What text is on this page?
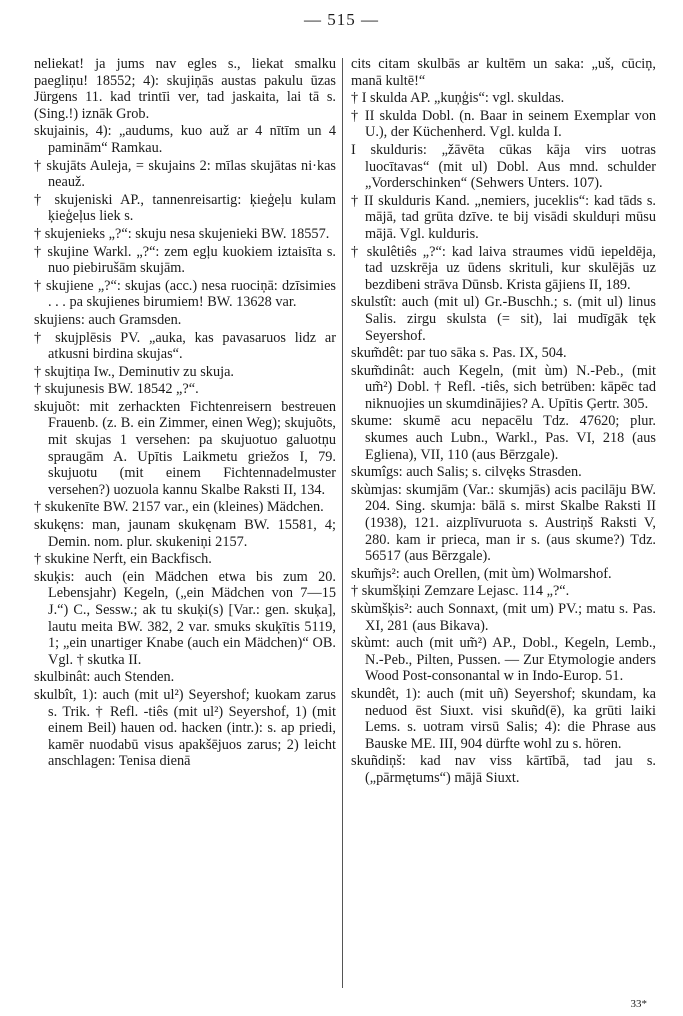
— 515 —

neliekat! ja jums nav egles s., liekat smalku paegliņu! 18552; 4): skujiņās austas pakulu ūzas Jürgens 11. kad trintīi ver, tad jaskaita, lai tā s. (Sing.!) iznāk Grob.

skujainis, 4): „audums, kuo auž ar 4 nītīm un 4 paminām“ Ramkau.

† skujāts Auleja, = skujains 2: mīlas skujātas ni·kas neauž.

† skujeniski AP., tannenreisartig: ķieģeļu kulam ķieģeļus liek s.

† skujenieks „?“: skuju nesa skujenieki BW. 18557.

† skujine Warkl. „?“: zem egļu kuokiem iztaisīta s. nuo piebirušām skujām.

† skujiene „?“: skujas (acc.) nesa ruociņā: dzīsimies . . . pa skujienes birumiem! BW. 13628 var.

skujiens: auch Gramsden.

† skujplēsis PV. „auka, kas pavasaruos lidz ar atkusni birdina skujas“.

† skujtiņa Iw., Deminutiv zu skuja.

† skujunesis BW. 18542 „?“.

skujuõt: mit zerhackten Fichtenreisern bestreuen Frauenb. (z. B. ein Zimmer, einen Weg); skujuõts, mit skujas 1 versehen: pa skujuotuo galuotņu spraugām A. Upītis Laikmetu griežos I, 79. skujuotu (mit einem Fichtennadelmuster versehen?) uozuola kannu Skalbe Raksti II, 134.

† skukenīte BW. 2157 var., ein (kleines) Mädchen.

skukęns: man, jaunam skukęnam BW. 15581, 4; Demin. nom. plur. skukeniņi 2157.

† skukine Nerft, ein Backfisch.

skuķis: auch (ein Mädchen etwa bis zum 20. Lebensjahr) Kegeln, („ein Mädchen von 7—15 J.“) C., Sessw.; ak tu skuķi(s) [Var.: gen. skuķa], lautu meita BW. 382, 2 var. smuks skuķītis 5119, 1; „ein unartiger Knabe (auch ein Mädchen)“ OB. Vgl. † skutka II.

skulbinât: auch Stenden.

skulbît, 1): auch (mit ul²) Seyershof; kuokam zarus s. Trik. † Refl. -tiês (mit ul²) Seyershof, 1) (mit einem Beil) hauen od. hacken (intr.): s. ap priedi, kamēr nuodabū visus apakšējuos zarus; 2) leicht anschlagen: Tenisa dienā

cits citam skulbās ar kultēm un saka: „uš, cūciņ, manā kultē!“

† I skulda AP. „kuņģis“: vgl. skuldas.

† II skulda Dobl. (n. Baar in seinem Exemplar von U.), der Küchenherd. Vgl. kulda I.

I skulduris: „žāvēta cūkas kāja virs uotras luocītavas“ (mit ul) Dobl. Aus mnd. schulder „Vorderschinken“ (Sehwers Unters. 107).

† II skulduris Kand. „nemiers, juceklis“: kad tāds s. mājā, tad grūta dzīve. te bij visādi skulduŗi mūsu mājā. Vgl. kulduris.

† skulêtiês „?“: kad laiva straumes vidū iepeldēja, tad uzskrēja uz ūdens skrituli, kur skulējās uz bezdibeni strāva Dūnsb. Krista gājiens II, 189.

skulstît: auch (mit ul) Gr.-Buschh.; s. (mit ul) linus Salis. zirgu skulsta (= sit), lai mudīgāk tęk Seyershof.

skum̃dêt: par tuo sāka s. Pas. IX, 504.

skum̃dinât: auch Kegeln, (mit ùm) N.-Peb., (mit um̃²) Dobl. † Refl. -tiês, sich betrüben: kāpēc tad niknuojies un skumdinājies? A. Upītis Ģertr. 305.

skume: skumē acu nepacēlu Tdz. 47620; plur. skumes auch Lubn., Warkl., Pas. VI, 218 (aus Egliena), VII, 110 (aus Bērzgale).

skumîgs: auch Salis; s. cilvęks Strasden.

skùmjas: skumjām (Var.: skumjās) acis pacilāju BW. 204. Sing. skumja: bālā s. mirst Skalbe Raksti II (1938), 121. aizplīvuruota s. Austriņš Raksti V, 280. kam ir prieca, man ir s. (aus skume?) Tdz. 56517 (aus Bērzgale).

skum̃js²: auch Orellen, (mit ùm) Wolmarshof.

† skumšķiņi Zemzare Lejasc. 114 „?“.

skùmšķis²: auch Sonnaxt, (mit um) PV.; matu s. Pas. XI, 281 (aus Bikava).

skùmt: auch (mit um̃²) AP., Dobl., Kegeln, Lemb., N.-Peb., Pilten, Pussen. — Zur Etymologie anders Wood Post-consonantal w in Indo-Europ. 51.

skundêt, 1): auch (mit uñ) Seyershof; skundam, ka neduod ēst Siuxt. visi skuñd(ē), ka grūti laiki Lems. s. uotram virsū Salis; 4): die Phrase aus Bauske ME. III, 904 dürfte wohl zu s. hören.

skuñdiņš: kad nav viss kārtībā, tad jau s. („pārmętums“) mājā Siuxt.

33*
